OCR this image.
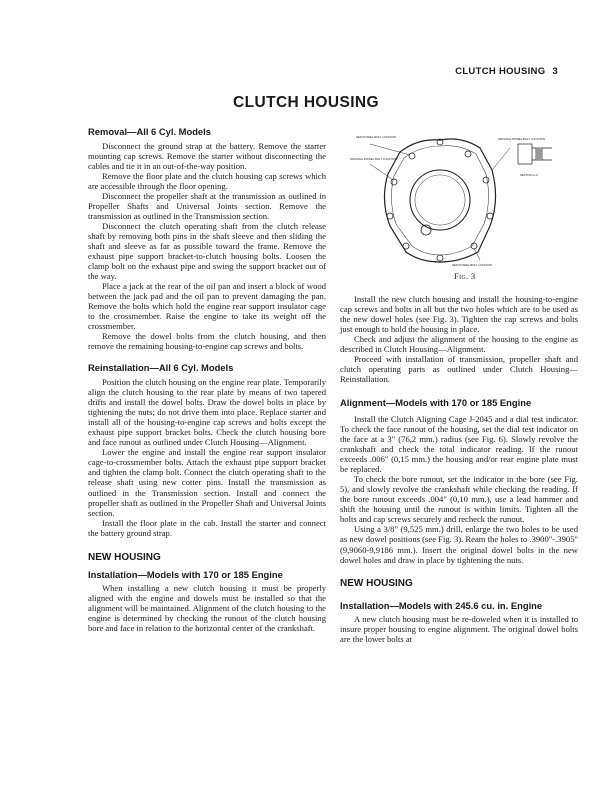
CLUTCH HOUSING 3
CLUTCH HOUSING
Removal—All 6 Cyl. Models

Disconnect the ground strap at the battery. Remove the starter mounting cap screws. Remove the starter without disconnecting the cables and tie it in an out-of-the-way position.

Remove the floor plate and the clutch housing cap screws which are accessible through the floor opening.

Disconnect the propeller shaft at the transmission as outlined in Propeller Shafts and Universal Joints section. Remove the transmission as outlined in the Transmission section.

Disconnect the clutch operating shaft from the clutch release shaft by removing both pins in the shaft sleeve and then sliding the shaft and sleeve as far as possible toward the frame. Remove the exhaust pipe support bracket-to-clutch housing bolts. Loosen the clamp bolt on the exhaust pipe and swing the support bracket out of the way.

Place a jack at the rear of the oil pan and insert a block of wood between the jack pad and the oil pan to prevent damaging the pan. Remove the bolts which hold the engine rear support insulator cage to the crossmember. Raise the engine to take its weight off the crossmember.

Remove the dowel bolts from the clutch housing, and then remove the remaining housing-to-engine cap screws and bolts.

Reinstallation—All 6 Cyl. Models

Position the clutch housing on the engine rear plate. Temporarily align the clutch housing to the rear plate by means of two tapered drifts and install the dowel bolts. Draw the dowel bolts in place by tightening the nuts; do not drive them into place. Replace starter and install all of the housing-to-engine cap screws and bolts except the exhaust pipe support bracket bolts. Check the clutch housing bore and face runout as outlined under Clutch Housing—Alignment.

Lower the engine and install the engine rear support insulator cage-to-crossmember bolts. Attach the exhaust pipe support bracket and tighten the clamp bolt. Connect the clutch operating shaft to the release shaft using new cotter pins. Install the transmission as outlined in the Transmission section. Install and connect the propeller shaft as outlined in the Propeller Shaft and Universal Joints section.

Install the floor plate in the cab. Install the starter and connect the battery ground strap.

NEW HOUSING
Installation—Models with 170 or 185 Engine

When installing a new clutch housing it must be properly aligned with the engine and dowels must be installed so that the alignment will be maintained. Alignment of the clutch housing to the engine is determined by checking the runout of the clutch housing bore and face in relation to the horizontal center of the crankshaft.

NEW DOWEL BOLT LOCATION
ORIGINAL DOWEL BOLT LOCATION
ORIGINAL DOWEL BOLT LOCATION
SECTION A-A
NEW DOWEL BOLT LOCATION
Fig. 3

Install the new clutch housing and install the housing-to-engine cap screws and bolts in all but the two holes which are to be used as the new dowel holes (see Fig. 3). Tighten the cap screws and bolts just enough to hold the housing in place.

Check and adjust the alignment of the housing to the engine as described in Clutch Housing—Alignment.

Proceed with installation of transmission, propeller shaft and clutch operating parts as outlined under Clutch Housing—Reinstallation.

Alignment—Models with 170 or 185 Engine

Install the Clutch Aligning Cage J-2045 and a dial test indicator. To check the face runout of the housing, set the dial test indicator on the face at a 3" (76,2 mm.) radius (see Fig. 6). Slowly revolve the crankshaft and check the total indicator reading. If the runout exceeds .006" (0,15 mm.) the housing and/or rear engine plate must be replaced.

To check the bore runout, set the indicator in the bore (see Fig. 5), and slowly revolve the crankshaft while checking the reading. If the bore runout exceeds .004" (0,10 mm.), use a lead hammer and shift the housing until the runout is within limits. Tighten all the bolts and cap screws securely and recheck the runout.

Using a 3/8" (9,525 mm.) drill, enlarge the two holes to be used as new dowel positions (see Fig. 3). Ream the holes to .3900"-.3905" (9,9060-9,9186 mm.). Insert the original dowel bolts in the new dowel holes and draw in place by tightening the nuts.

NEW HOUSING
Installation—Models with 245.6 cu. in. Engine

A new clutch housing must be re-doweled when it is installed to insure proper housing to engine alignment. The original dowel bolts are the lower bolts at
